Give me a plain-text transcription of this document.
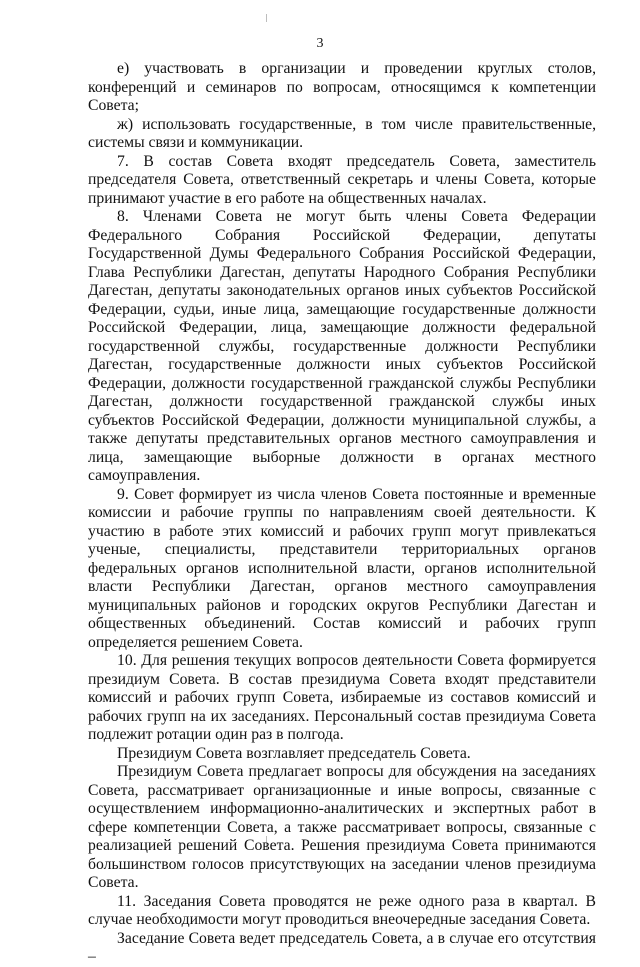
3

е) участвовать в организации и проведении круглых столов, конференций и семинаров по вопросам, относящимся к компетенции Совета;

ж) использовать государственные, в том числе правительственные, системы связи и коммуникации.

7. В состав Совета входят председатель Совета, заместитель председателя Совета, ответственный секретарь и члены Совета, которые принимают участие в его работе на общественных началах.

8. Членами Совета не могут быть члены Совета Федерации Федерального Собрания Российской Федерации, депутаты Государственной Думы Федерального Собрания Российской Федерации, Глава Республики Дагестан, депутаты Народного Собрания Республики Дагестан, депутаты законодательных органов иных субъектов Российской Федерации, судьи, иные лица, замещающие государственные должности Российской Федерации, лица, замещающие должности федеральной государственной службы, государственные должности Республики Дагестан, государственные должности иных субъектов Российской Федерации, должности государственной гражданской службы Республики Дагестан, должности государственной гражданской службы иных субъектов Российской Федерации, должности муниципальной службы, а также депутаты представительных органов местного самоуправления и лица, замещающие выборные должности в органах местного самоуправления.

9. Совет формирует из числа членов Совета постоянные и временные комиссии и рабочие группы по направлениям своей деятельности. К участию в работе этих комиссий и рабочих групп могут привлекаться ученые, специалисты, представители территориальных органов федеральных органов исполнительной власти, органов исполнительной власти Республики Дагестан, органов местного самоуправления муниципальных районов и городских округов Республики Дагестан и общественных объединений. Состав комиссий и рабочих групп определяется решением Совета.

10. Для решения текущих вопросов деятельности Совета формируется президиум Совета. В состав президиума Совета входят представители комиссий и рабочих групп Совета, избираемые из составов комиссий и рабочих групп на их заседаниях. Персональный состав президиума Совета подлежит ротации один раз в полгода.

Президиум Совета возглавляет председатель Совета.

Президиум Совета предлагает вопросы для обсуждения на заседаниях Совета, рассматривает организационные и иные вопросы, связанные с осуществлением информационно-аналитических и экспертных работ в сфере компетенции Совета, а также рассматривает вопросы, связанные с реализацией решений Совета. Решения президиума Совета принимаются большинством голосов присутствующих на заседании членов президиума Совета.

11. Заседания Совета проводятся не реже одного раза в квартал. В случае необходимости могут проводиться внеочередные заседания Совета.

Заседание Совета ведет председатель Совета, а в случае его отсутствия –
